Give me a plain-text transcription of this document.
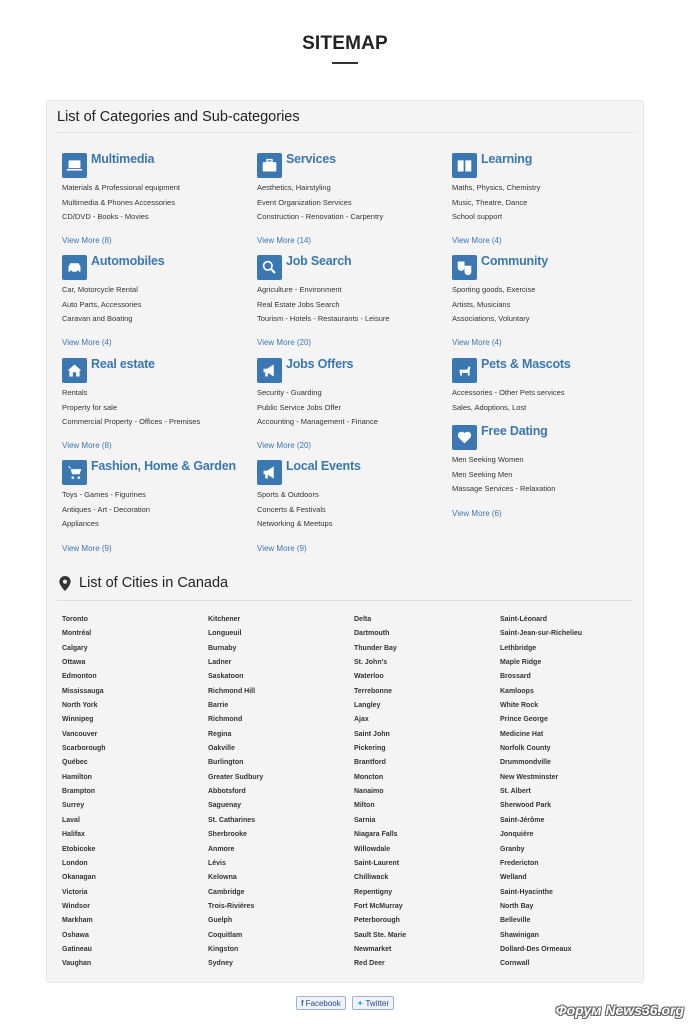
SITEMAP
List of Categories and Sub-categories
Multimedia
Materials & Professional equipment
Multimedia & Phones Accessories
CD/DVD - Books - Movies
View More (8)
Services
Aesthetics, Hairstyling
Event Organization Services
Construction - Renovation - Carpentry
View More (14)
Learning
Maths, Physics, Chemistry
Music, Theatre, Dance
School support
View More (4)
Automobiles
Car, Motorcycle Rental
Auto Parts, Accessories
Caravan and Boating
View More (4)
Job Search
Agriculture - Environment
Real Estate Jobs Search
Tourism - Hotels - Restaurants - Leisure
View More (20)
Community
Sporting goods, Exercise
Artists, Musicians
Associations, Voluntary
View More (4)
Real estate
Rentals
Property for sale
Commercial Property - Offices - Premises
View More (8)
Jobs Offers
Security - Guarding
Public Service Jobs Offer
Accounting - Management - Finance
View More (20)
Pets & Mascots
Accessories - Other Pets services
Sales, Adoptions, Lost
Free Dating
Men Seeking Women
Men Seeking Men
Massage Services - Relaxation
View More (6)
Fashion, Home & Garden
Toys - Games - Figurines
Antiques - Art - Decoration
Appliances
View More (9)
Local Events
Sports & Outdoors
Concerts & Festivals
Networking & Meetups
View More (9)
List of Cities in Canada
Toronto
Montréal
Calgary
Ottawa
Edmonton
Mississauga
North York
Winnipeg
Vancouver
Scarborough
Québec
Hamilton
Brampton
Surrey
Laval
Halifax
Etobicoke
London
Okanagan
Victoria
Windsor
Markham
Oshawa
Gatineau
Vaughan
Kitchener
Longueuil
Burnaby
Ladner
Saskatoon
Richmond Hill
Barrie
Richmond
Regina
Oakville
Burlington
Greater Sudbury
Abbotsford
Saguenay
St. Catharines
Sherbrooke
Anmore
Lévis
Kelowna
Cambridge
Trois-Rivières
Guelph
Coquitlam
Kingston
Sydney
Delta
Dartmouth
Thunder Bay
St. John's
Waterloo
Terrebonne
Langley
Ajax
Saint John
Pickering
Brantford
Moncton
Nanaimo
Milton
Sarnia
Niagara Falls
Willowdale
Saint-Laurent
Chilliwack
Repentigny
Fort McMurray
Peterborough
Sault Ste. Marie
Newmarket
Red Deer
Saint-Léonard
Saint-Jean-sur-Richelieu
Lethbridge
Maple Ridge
Brossard
Kamloops
White Rock
Prince George
Medicine Hat
Norfolk County
Drummondville
New Westminster
St. Albert
Sherwood Park
Saint-Jérôme
Jonquière
Granby
Fredericton
Welland
Saint-Hyacinthe
North Bay
Belleville
Shawinigan
Dollard-Des Ormeaux
Cornwall
f Facebook ✦ Twitter	Форум News36.org
